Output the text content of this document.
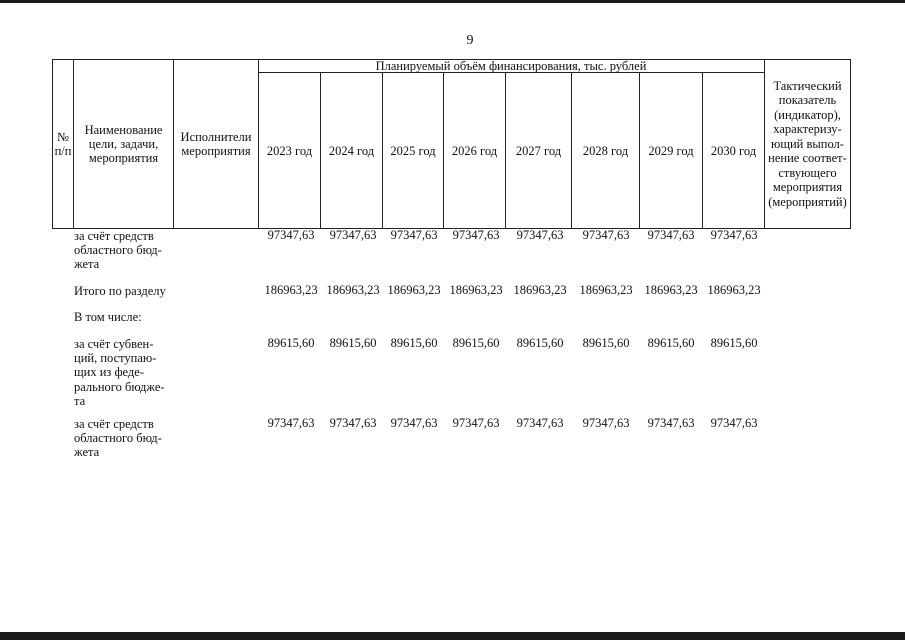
9
№ п/п
Наименование цели, задачи, мероприятия
Исполнители мероприятия
Планируемый объём финансирования, тыс. рублей
2023 год	2024 год	2025 год	2026 год	2027 год	2028 год	2029 год	2030 год
Тактический показатель (индикатор), характеризу-ющий выпол-нение соответ-ствующего мероприятия (мероприятий)
за счёт средств областного бюд-жета
97347,63	97347,63	97347,63	97347,63	97347,63	97347,63	97347,63	97347,63
Итого по разделу	186963,23 186963,23 186963,23 186963,23 186963,23	186963,23 186963,23 186963,23
В том числе:
за счёт субвен-ций, поступаю-щих из феде-рального бюдже-та
89615,60	89615,60	89615,60	89615,60	89615,60	89615,60	89615,60	89615,60
за счёт средств областного бюд-жета
97347,63	97347,63	97347,63	97347,63	97347,63	97347,63	97347,63	97347,63
